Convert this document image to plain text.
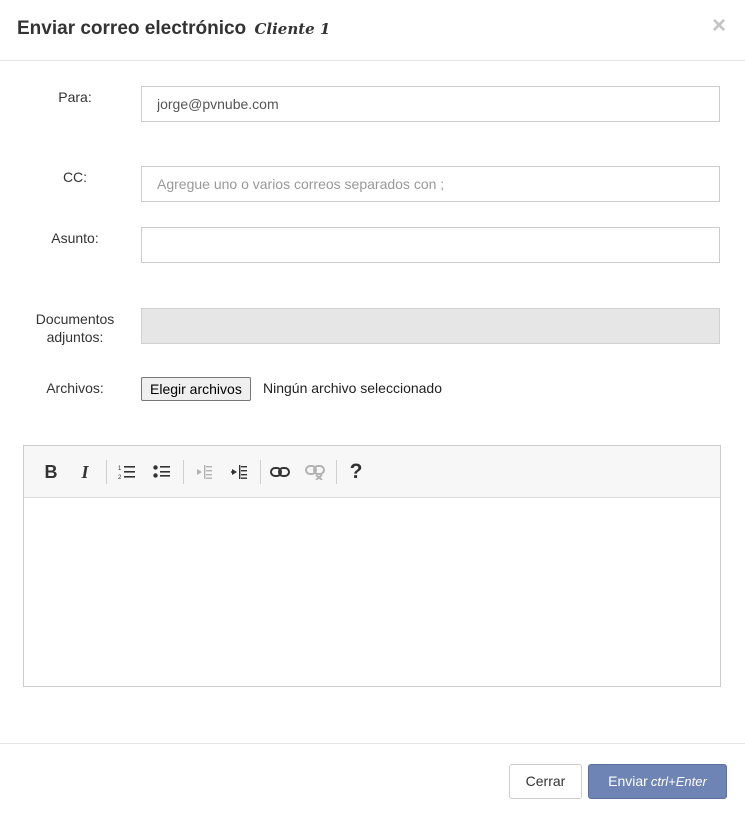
Enviar correo electrónico Cliente 1	×
Para:
jorge@pvnube.com
CC:
Agregue uno o varios correos separados con ;
Asunto:
Documentos
adjuntos:
Archivos:	Elegir archivos	Ningún archivo seleccionado
B I	1
2	?
Cerrar	Enviar ctrl+Enter
